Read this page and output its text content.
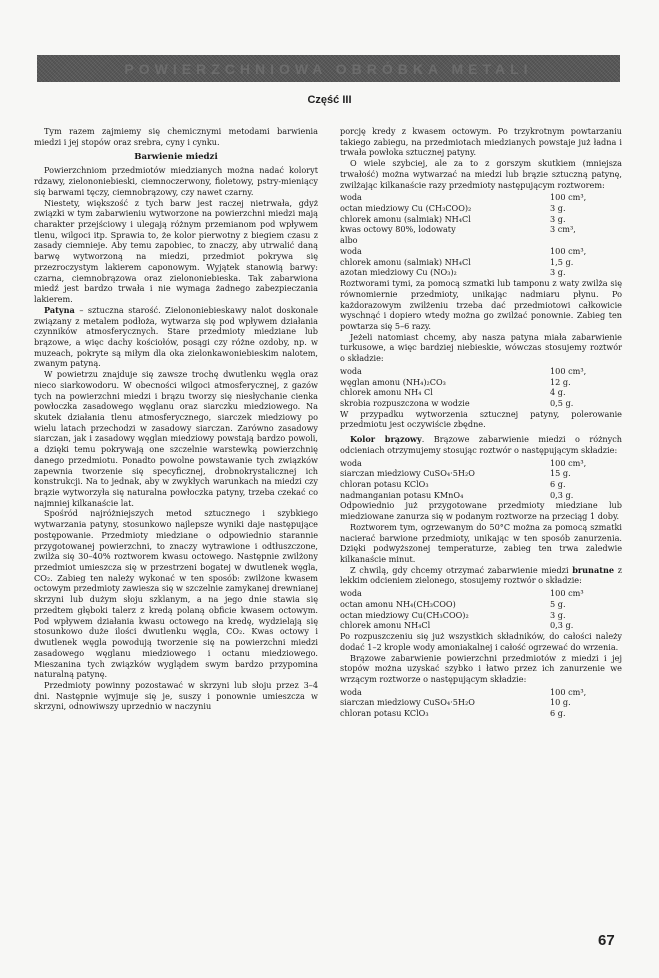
POWIERZCHNIOWA OBRÓBKA METALI
Część III

Tym razem zajmiemy się chemicznymi metodami barwienia miedzi i jej stopów oraz srebra, cyny i cynku.

Barwienie miedzi

Powierzchniom przedmiotów miedzianych można nadać koloryt rdzawy, zielononiebieski, ciemnoczerwony, fioletowy, pstry-mieniący się barwami tęczy, ciemnobrązowy, czy nawet czarny.

Niestety, większość z tych barw jest raczej nietrwała, gdyż związki w tym zabarwieniu wytworzone na powierzchni miedzi mają charakter przejściowy i ulegają różnym przemianom pod wpływem tlenu, wilgoci itp. Sprawia to, że kolor pierwotny z biegiem czasu z zasady ciemnieje. Aby temu zapobiec, to znaczy, aby utrwalić daną barwę wytworzoną na miedzi, przedmiot pokrywa się przezroczystym lakierem caponowym. Wyjątek stanowią barwy: czarna, ciemnobrązowa oraz zielononiebieska. Tak zabarwiona miedź jest bardzo trwała i nie wymaga żadnego zabezpieczania lakierem.

Patyna – sztuczna starość. Zielononiebieskawy nalot doskonale związany z metalem podłoża, wytwarza się pod wpływem działania czynników atmosferycznych. Stare przedmioty miedziane lub brązowe, a więc dachy kościołów, posągi czy różne ozdoby, np. w muzeach, pokryte są miłym dla oka zielonkawoniebieskim nalotem, zwanym patyną.

W powietrzu znajduje się zawsze trochę dwutlenku węgla oraz nieco siarkowodoru. W obecności wilgoci atmosferycznej, z gazów tych na powierzchni miedzi i brązu tworzy się niesłychanie cienka powłoczka zasadowego węglanu oraz siarczku miedziowego. Na skutek działania tlenu atmosferycznego, siarczek miedziowy po wielu latach przechodzi w zasadowy siarczan. Zarówno zasadowy siarczan, jak i zasadowy węglan miedziowy powstają bardzo powoli, a dzięki temu pokrywają one szczelnie warstewką powierzchnię danego przedmiotu. Ponadto powolne powstawanie tych związków zapewnia tworzenie się specyficznej, drobnokrystalicznej ich konstrukcji. Na to jednak, aby w zwykłych warunkach na miedzi czy brązie wytworzyła się naturalna powłoczka patyny, trzeba czekać co najmniej kilkanaście lat.

Spośród najróżniejszych metod sztucznego i szybkiego wytwarzania patyny, stosunkowo najlepsze wyniki daje następujące postępowanie. Przedmioty miedziane o odpowiednio starannie przygotowanej powierzchni, to znaczy wytrawione i odtłuszczone, zwilża się 30–40% roztworem kwasu octowego. Następnie zwilżony przedmiot umieszcza się w przestrzeni bogatej w dwutlenek węgla, CO₂. Zabieg ten należy wykonać w ten sposób: zwilżone kwasem octowym przedmioty zawiesza się w szczelnie zamykanej drewnianej skrzyni lub dużym słoju szklanym, a na jego dnie stawia się przedtem głęboki talerz z kredą polaną obficie kwasem octowym. Pod wpływem działania kwasu octowego na kredę, wydzielają się stosunkowo duże ilości dwutlenku węgla, CO₂. Kwas octowy i dwutlenek węgla powodują tworzenie się na powierzchni miedzi zasadowego węglanu miedziowego i octanu miedziowego. Mieszanina tych związków wyglądem swym bardzo przypomina naturalną patynę.

Przedmioty powinny pozostawać w skrzyni lub słoju przez 3–4 dni. Następnie wyjmuje się je, suszy i ponownie umieszcza w skrzyni, odnowiwszy uprzednio w naczyniu

porcję kredy z kwasem octowym. Po trzykrotnym powtarzaniu takiego zabiegu, na przedmiotach miedzianych powstaje już ładna i trwała powłoka sztucznej patyny.

O wiele szybciej, ale za to z gorszym skutkiem (mniejsza trwałość) można wytwarzać na miedzi lub brązie sztuczną patynę, zwilżając kilkanaście razy przedmioty następującym roztworem:

woda	100 cm³,
octan miedziowy Cu (CH₃COO)₂	3 g.
chlorek amonu (salmiak) NH₄Cl	3 g.
kwas octowy 80%, lodowaty	3 cm³,
albo
woda	100 cm³,
chlorek amonu (salmiak) NH₄Cl	1,5 g.
azotan miedziowy Cu (NO₃)₂	3 g.

Roztworami tymi, za pomocą szmatki lub tamponu z waty zwilża się równomiernie przedmioty, unikając nadmiaru płynu. Po każdorazowym zwilżeniu trzeba dać przedmiotowi całkowicie wyschnąć i dopiero wtedy można go zwilżać ponownie. Zabieg ten powtarza się 5–6 razy.

Jeżeli natomiast chcemy, aby nasza patyna miała zabarwienie turkusowe, a więc bardziej niebieskie, wówczas stosujemy roztwór o składzie:

woda	100 cm³,
węglan amonu (NH₄)₂CO₃	12 g.
chlorek amonu NH₄ Cl	4 g.
skrobia rozpuszczona w wodzie	0,5 g.

W przypadku wytworzenia sztucznej patyny, polerowanie przedmiotu jest oczywiście zbędne.

Kolor brązowy. Brązowe zabarwienie miedzi o różnych odcieniach otrzymujemy stosując roztwór o następującym składzie:

woda	100 cm³,
siarczan miedziowy CuSO₄·5H₂O	15 g.
chloran potasu KClO₃	6 g.
nadmanganian potasu KMnO₄	0,3 g.

Odpowiednio już przygotowane przedmioty miedziane lub miedziowane zanurza się w podanym roztworze na przeciąg 1 doby.

Roztworem tym, ogrzewanym do 50°C można za pomocą szmatki nacierać barwione przedmioty, unikając w ten sposób zanurzenia. Dzięki podwyższonej temperaturze, zabieg ten trwa zaledwie kilkanaście minut.

Z chwilą, gdy chcemy otrzymać zabarwienie miedzi brunatne z lekkim odcieniem zielonego, stosujemy roztwór o składzie:

woda	100 cm³
octan amonu NH₄(CH₃COO)	5 g.
octan miedziowy Cu(CH₃COO)₂	3 g.
chlorek amonu NH₄Cl	0,3 g.

Po rozpuszczeniu się już wszystkich składników, do całości należy dodać 1–2 krople wody amoniakalnej i całość ogrzewać do wrzenia.

Brązowe zabarwienie powierzchni przedmiotów z miedzi i jej stopów można uzyskać szybko i łatwo przez ich zanurzenie we wrzącym roztworze o następującym składzie:

woda	100 cm³,
siarczan miedziowy CuSO₄·5H₂O	10 g.
chloran potasu KClO₃	6 g.
67
